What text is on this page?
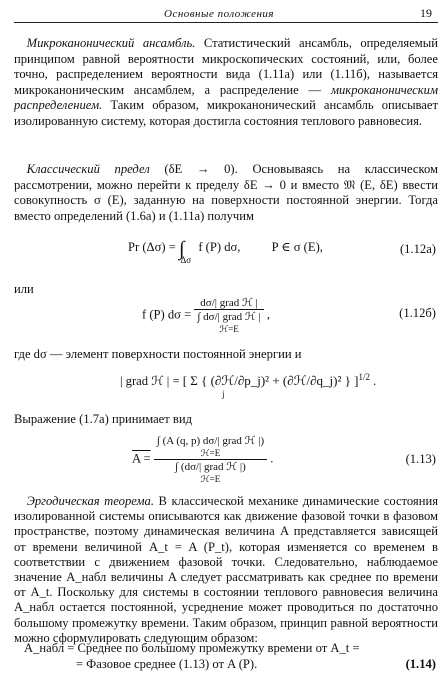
Основные положения	19

 Микроканонический ансамбль. Статистический ансамбль, определяемый принципом равной вероятности микроскопических состояний, или, более точно, распределением вероятности вида (1.11а) или (1.11б), называется микроканоническим ансамблем, а распределение — микроканоническим распределением. Таким образом, микроканонический ансамбль описывает изолированную систему, которая достигла состояния теплового равновесия.

 Классический предел (δE → 0). Основываясь на классическом рассмотрении, можно перейти к пределу δE → 0 и вместо 𝔐 (E, δE) ввести совокупность σ (E), заданную на поверхности постоянной энергии. Тогда вместо определений (1.6а) и (1.11а) получим

Pr $(\Delta\sigma) = \int_{\Delta\sigma}$ f (P) dσ, P ∈ σ (E),	(1.12а)
или
f (P) dσ =
dσ/| grad ℋ |
∫ dσ/| grad ℋ |
ℋ=E
,	(1.12б)

где dσ — элемент поверхности постоянной энергии и

| grad ℋ | = [ Σ { (∂ℋ/∂p_j)² + (∂ℋ/∂q_j)² } ]$^{1/2}$ .
j

Выражение (1.7а) принимает вид

A =
∫ (A (q, p) dσ/| grad ℋ |)
ℋ=E
∫ (dσ/| grad ℋ |)
ℋ=E
.	(1.13)

 Эргодическая теорема. В классической механике динамические состояния изолированной системы описываются как движение фазовой точки в фазовом пространстве, поэтому динамическая величина A представляется зависящей от времени величиной A_t = A (P_t), которая изменяется со временем в соответствии с движением фазовой точки. Следовательно, наблюдаемое значение A_набл величины A следует рассматривать как среднее по времени от A_t. Поскольку для системы в состоянии теплового равновесия величина A_набл остается постоянной, усреднение может проводиться по достаточно большому промежутку времени. Таким образом, принцип равной вероятности можно сформулировать следующим образом:

A_набл = Среднее по большому промежутку времени от A_t =
= Фазовое среднее (1.13) от A (P).	(1.14)
